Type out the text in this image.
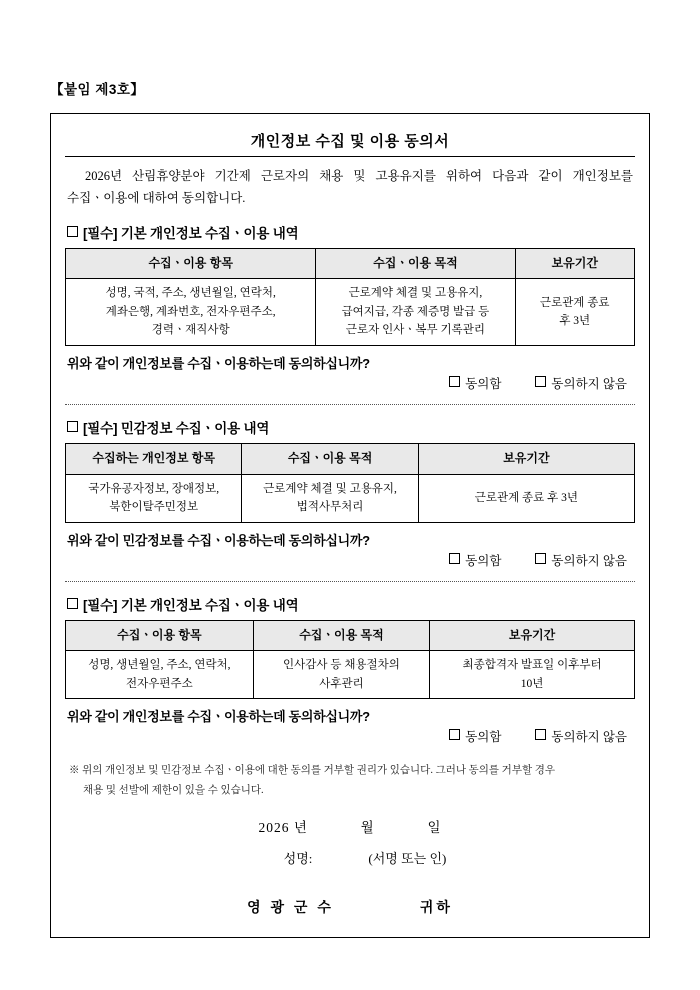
【붙임 제3호】
개인정보 수집 및 이용 동의서

2026년 산림휴양분야 기간제 근로자의 채용 및 고용유지를 위하여 다음과 같이 개인정보를 수집ㆍ이용에 대하여 동의합니다.

[필수] 기본 개인정보 수집ㆍ이용 내역
수집ㆍ이용 항목	수집ㆍ이용 목적	보유기간

성명, 국적, 주소, 생년월일, 연락처,
계좌은행, 계좌번호, 전자우편주소,
경력ㆍ재직사항

근로계약 체결 및 고용유지,
급여지급, 각종 제증명 발급 등
근로자 인사ㆍ복무 기록관리

근로관계 종료
후 3년
위와 같이 개인정보를 수집ㆍ이용하는데 동의하십니까?
동의함	동의하지 않음
[필수] 민감정보 수집ㆍ이용 내역
수집하는 개인정보 항목	수집ㆍ이용 목적	보유기간

국가유공자정보, 장애정보,
북한이탈주민정보

근로계약 체결 및 고용유지,
법적사무처리

근로관계 종료 후 3년
위와 같이 민감정보를 수집ㆍ이용하는데 동의하십니까?
동의함	동의하지 않음
[필수] 기본 개인정보 수집ㆍ이용 내역
수집ㆍ이용 항목	수집ㆍ이용 목적	보유기간

성명, 생년월일, 주소, 연락처,
전자우편주소

인사감사 등 채용절차의
사후관리

최종합격자 발표일 이후부터
10년
위와 같이 개인정보를 수집ㆍ이용하는데 동의하십니까?
동의함	동의하지 않음
※ 위의 개인정보 및 민감정보 수집ㆍ이용에 대한 동의를 거부할 권리가 있습니다. 그러나 동의를 거부할 경우
채용 및 선발에 제한이 있을 수 있습니다.
2026 년	월	일
성명:	(서명 또는 인)
영 광 군 수	귀하
